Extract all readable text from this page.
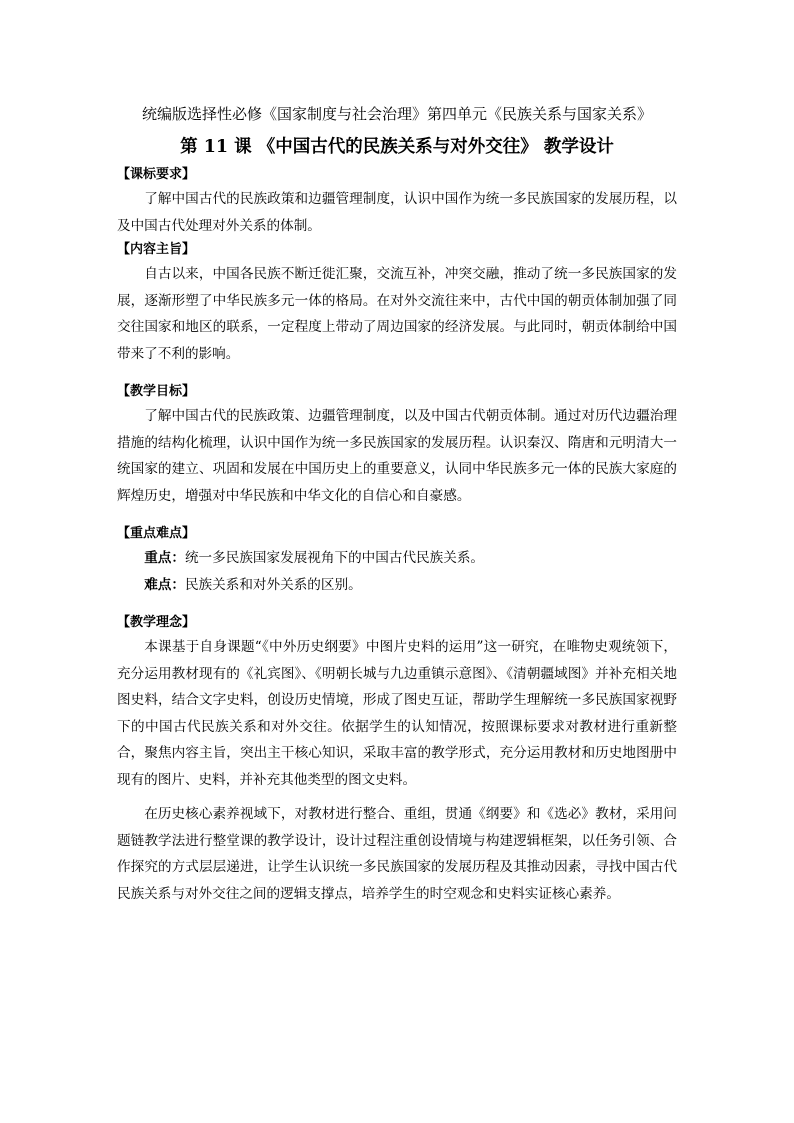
统编版选择性必修《国家制度与社会治理》第四单元《民族关系与国家关系》
第 11 课 《中国古代的民族关系与对外交往》 教学设计
【课标要求】
了解中国古代的民族政策和边疆管理制度，认识中国作为统一多民族国家的发展历程，以及中国古代处理对外关系的体制。
【内容主旨】
自古以来，中国各民族不断迁徙汇聚，交流互补，冲突交融，推动了统一多民族国家的发展，逐渐形塑了中华民族多元一体的格局。在对外交流往来中，古代中国的朝贡体制加强了同交往国家和地区的联系，一定程度上带动了周边国家的经济发展。与此同时，朝贡体制给中国带来了不利的影响。
【教学目标】
了解中国古代的民族政策、边疆管理制度，以及中国古代朝贡体制。通过对历代边疆治理措施的结构化梳理，认识中国作为统一多民族国家的发展历程。认识秦汉、隋唐和元明清大一统国家的建立、巩固和发展在中国历史上的重要意义，认同中华民族多元一体的民族大家庭的辉煌历史，增强对中华民族和中华文化的自信心和自豪感。
【重点难点】
重点：统一多民族国家发展视角下的中国古代民族关系。
难点：民族关系和对外关系的区别。
【教学理念】
本课基于自身课题“《中外历史纲要》中图片史料的运用”这一研究，在唯物史观统领下，充分运用教材现有的《礼宾图》、《明朝长城与九边重镇示意图》、《清朝疆域图》并补充相关地图史料，结合文字史料，创设历史情境，形成了图史互证，帮助学生理解统一多民族国家视野下的中国古代民族关系和对外交往。依据学生的认知情况，按照课标要求对教材进行重新整合，聚焦内容主旨，突出主干核心知识，采取丰富的教学形式，充分运用教材和历史地图册中现有的图片、史料，并补充其他类型的图文史料。
在历史核心素养视域下，对教材进行整合、重组，贯通《纲要》和《选必》教材，采用问题链教学法进行整堂课的教学设计，设计过程注重创设情境与构建逻辑框架，以任务引领、合作探究的方式层层递进，让学生认识统一多民族国家的发展历程及其推动因素，寻找中国古代民族关系与对外交往之间的逻辑支撑点，培养学生的时空观念和史料实证核心素养。
